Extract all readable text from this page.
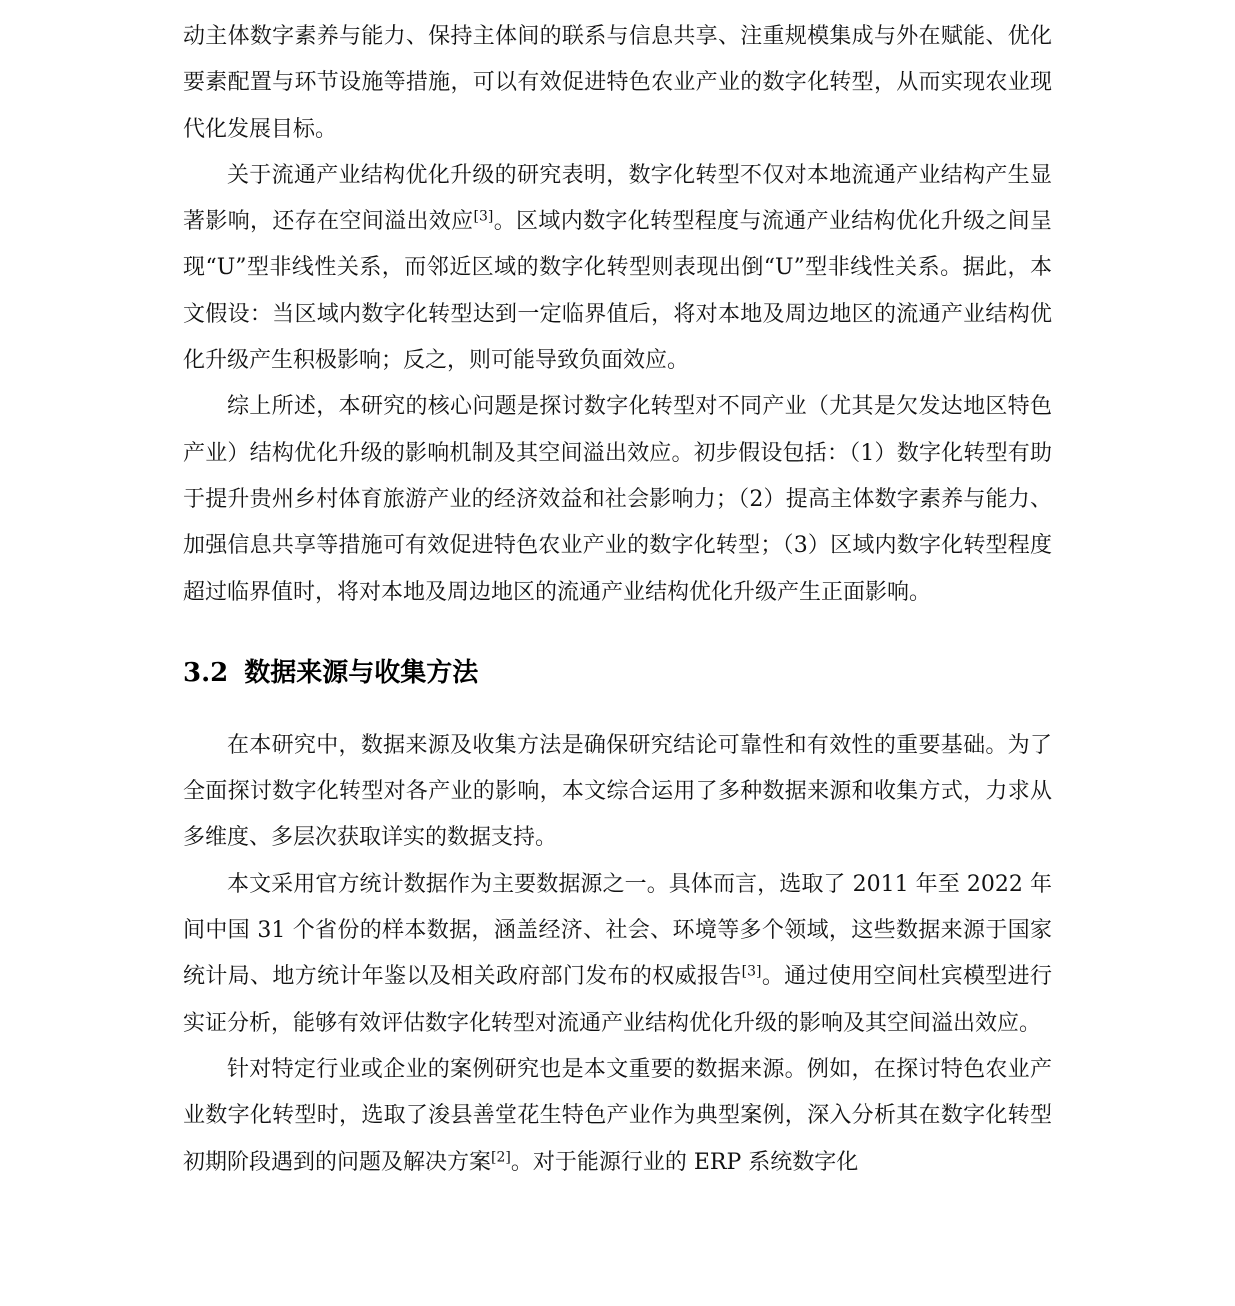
动主体数字素养与能力、保持主体间的联系与信息共享、注重规模集成与外在赋能、优化要素配置与环节设施等措施，可以有效促进特色农业产业的数字化转型，从而实现农业现代化发展目标。

关于流通产业结构优化升级的研究表明，数字化转型不仅对本地流通产业结构产生显著影响，还存在空间溢出效应[3]。区域内数字化转型程度与流通产业结构优化升级之间呈现“U”型非线性关系，而邻近区域的数字化转型则表现出倒“U”型非线性关系。据此，本文假设：当区域内数字化转型达到一定临界值后，将对本地及周边地区的流通产业结构优化升级产生积极影响；反之，则可能导致负面效应。

综上所述，本研究的核心问题是探讨数字化转型对不同产业（尤其是欠发达地区特色产业）结构优化升级的影响机制及其空间溢出效应。初步假设包括：（1）数字化转型有助于提升贵州乡村体育旅游产业的经济效益和社会影响力；（2）提高主体数字素养与能力、加强信息共享等措施可有效促进特色农业产业的数字化转型；（3）区域内数字化转型程度超过临界值时，将对本地及周边地区的流通产业结构优化升级产生正面影响。

3.2 数据来源与收集方法

在本研究中，数据来源及收集方法是确保研究结论可靠性和有效性的重要基础。为了全面探讨数字化转型对各产业的影响，本文综合运用了多种数据来源和收集方式，力求从多维度、多层次获取详实的数据支持。

本文采用官方统计数据作为主要数据源之一。具体而言，选取了 2011 年至 2022 年间中国 31 个省份的样本数据，涵盖经济、社会、环境等多个领域，这些数据来源于国家统计局、地方统计年鉴以及相关政府部门发布的权威报告[3]。通过使用空间杜宾模型进行实证分析，能够有效评估数字化转型对流通产业结构优化升级的影响及其空间溢出效应。

针对特定行业或企业的案例研究也是本文重要的数据来源。例如，在探讨特色农业产业数字化转型时，选取了浚县善堂花生特色产业作为典型案例，深入分析其在数字化转型初期阶段遇到的问题及解决方案[2]。对于能源行业的 ERP 系统数字化
